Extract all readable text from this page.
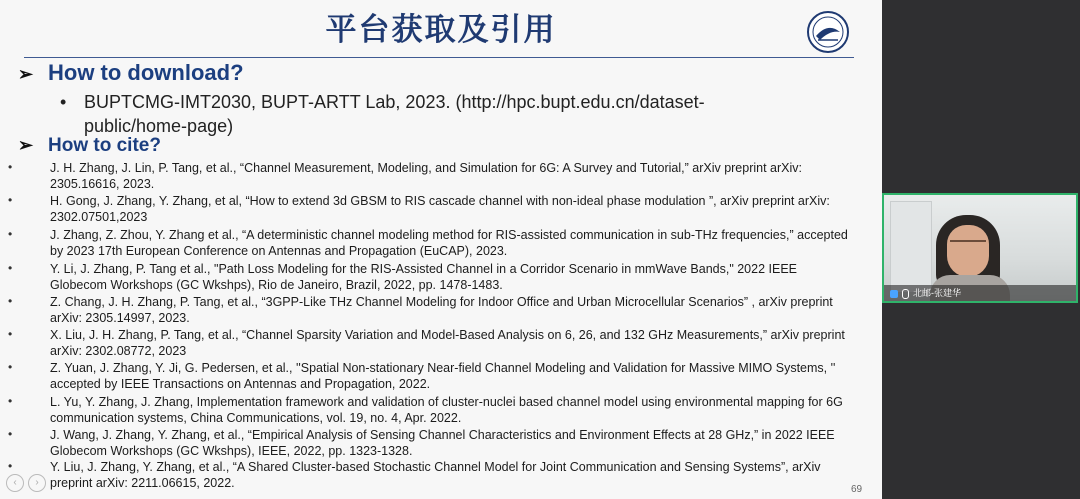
平台获取及引用
➢ How to download?
• BUPTCMG-IMT2030, BUPT-ARTT Lab, 2023. (http://hpc.bupt.edu.cn/dataset-public/home-page)
➢ How to cite?
•	J. H. Zhang, J. Lin, P. Tang, et al., “Channel Measurement, Modeling, and Simulation for 6G: A Survey and Tutorial,” arXiv preprint arXiv: 2305.16616, 2023.
•	H. Gong, J. Zhang, Y. Zhang, et al, “How to extend 3d GBSM to RIS cascade channel with non-ideal phase modulation ”, arXiv preprint arXiv: 2302.07501,2023
•	J. Zhang, Z. Zhou, Y. Zhang et al., “A deterministic channel modeling method for RIS-assisted communication in sub-THz frequencies,” accepted by 2023 17th European Conference on Antennas and Propagation (EuCAP), 2023.
•	Y. Li, J. Zhang, P. Tang et al., "Path Loss Modeling for the RIS-Assisted Channel in a Corridor Scenario in mmWave Bands," 2022 IEEE Globecom Workshops (GC Wkshps), Rio de Janeiro, Brazil, 2022, pp. 1478-1483.
•	Z. Chang, J. H. Zhang, P. Tang, et al., “3GPP-Like THz Channel Modeling for Indoor Office and Urban Microcellular Scenarios” , arXiv preprint arXiv: 2305.14997, 2023.
•	X. Liu, J. H. Zhang, P. Tang, et al., “Channel Sparsity Variation and Model-Based Analysis on 6, 26, and 132 GHz Measurements,” arXiv preprint arXiv: 2302.08772, 2023
•	Z. Yuan, J. Zhang, Y. Ji, G. Pedersen, et al., ''Spatial Non-stationary Near-field Channel Modeling and Validation for Massive MIMO Systems, '' accepted by IEEE Transactions on Antennas and Propagation, 2022.
•	L. Yu, Y. Zhang, J. Zhang, Implementation framework and validation of cluster-nuclei based channel model using environmental mapping for 6G communication systems, China Communications, vol. 19, no. 4, Apr. 2022.
•	J. Wang, J. Zhang, Y. Zhang, et al., “Empirical Analysis of Sensing Channel Characteristics and Environment Effects at 28 GHz,” in 2022 IEEE Globecom Workshops (GC Wkshps), IEEE, 2022, pp. 1323-1328.
•	Y. Liu, J. Zhang, Y. Zhang, et al., “A Shared Cluster-based Stochastic Channel Model for Joint Communication and Sensing Systems”, arXiv preprint arXiv: 2211.06615, 2022.
‹ ›
69
北邮-张建华
